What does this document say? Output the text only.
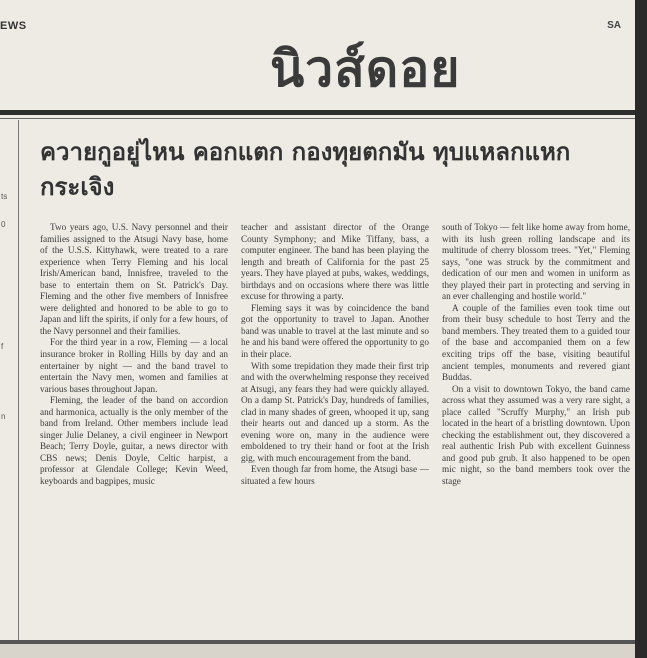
EWS	SA
นิวส์ดอย
ts
0
f
n
ควายกูอยู่ไหน คอกแตก กองทุยตกมัน ทุบแหลกแหก กระเจิง

Two years ago, U.S. Navy personnel and their families assigned to the Atsugi Navy base, home of the U.S.S. Kittyhawk, were treated to a rare experience when Terry Fleming and his local Irish/American band, Innisfree, traveled to the base to entertain them on St. Patrick's Day. Fleming and the other five members of Innisfree were delighted and honored to be able to go to Japan and lift the spirits, if only for a few hours, of the Navy personnel and their families.

For the third year in a row, Fleming — a local insurance broker in Rolling Hills by day and an entertainer by night — and the band travel to entertain the Navy men, women and families at various bases throughout Japan.

Fleming, the leader of the band on accordion and harmonica, actually is the only member of the band from Ireland. Other members include lead singer Julie Delaney, a civil engineer in Newport Beach; Terry Doyle, guitar, a news director with CBS news; Denis Doyle, Celtic harpist, a professor at Glendale College; Kevin Weed, keyboards and bagpipes, music

teacher and assistant director of the Orange County Symphony; and Mike Tiffany, bass, a computer engineer. The band has been playing the length and breath of California for the past 25 years. They have played at pubs, wakes, weddings, birthdays and on occasions where there was little excuse for throwing a party.

Fleming says it was by coincidence the band got the opportunity to travel to Japan. Another band was unable to travel at the last minute and so he and his band were offered the opportunity to go in their place.

With some trepidation they made their first trip and with the overwhelming response they received at Atsugi, any fears they had were quickly allayed. On a damp St. Patrick's Day, hundreds of families, clad in many shades of green, whooped it up, sang their hearts out and danced up a storm. As the evening wore on, many in the audience were emboldened to try their hand or foot at the Irish gig, with much encouragement from the band.

Even though far from home, the Atsugi base — situated a few hours

south of Tokyo — felt like home away from home, with its lush green rolling landscape and its multitude of cherry blossom trees. "Yet," Fleming says, "one was struck by the commitment and dedication of our men and women in uniform as they played their part in protecting and serving in an ever challenging and hostile world."

A couple of the families even took time out from their busy schedule to host Terry and the band members. They treated them to a guided tour of the base and accompanied them on a few exciting trips off the base, visiting beautiful ancient temples, monuments and revered giant Buddas.

On a visit to downtown Tokyo, the band came across what they assumed was a very rare sight, a place called "Scruffy Murphy," an Irish pub located in the heart of a bristling downtown. Upon checking the establishment out, they discovered a real authentic Irish Pub with excellent Guinness and good pub grub. It also happened to be open mic night, so the band members took over the stage
